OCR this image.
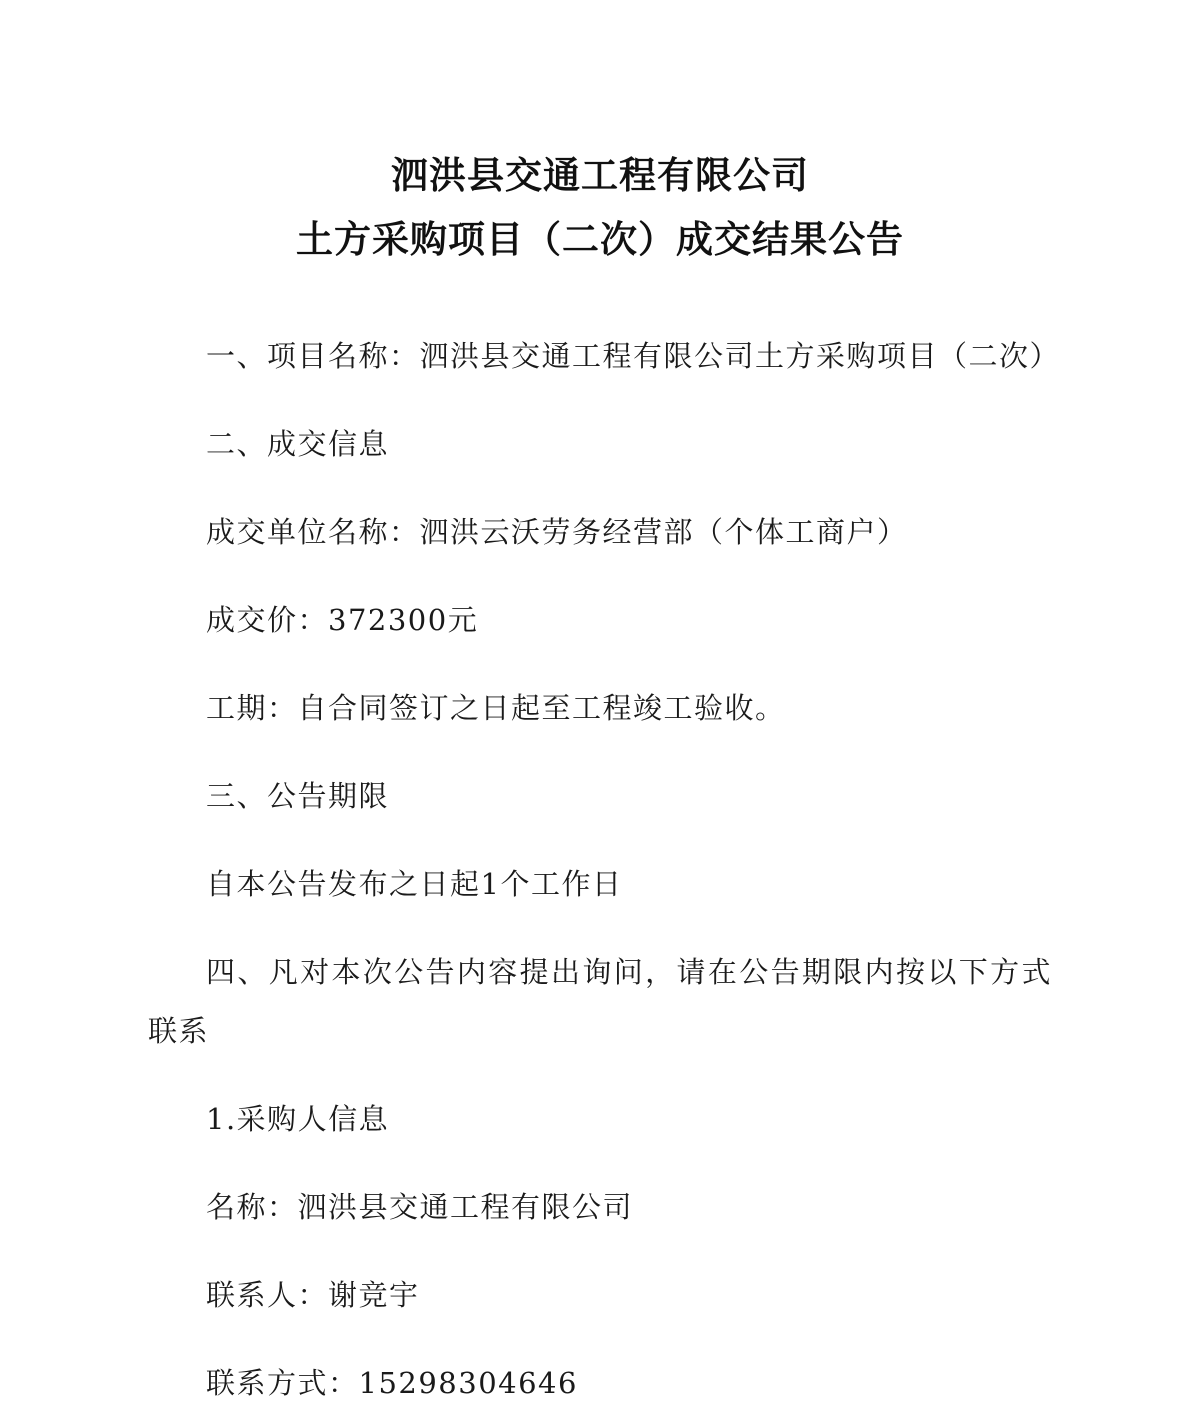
泗洪县交通工程有限公司
土方采购项目（二次）成交结果公告

一、项目名称：泗洪县交通工程有限公司土方采购项目（二次）

二、成交信息

成交单位名称：泗洪云沃劳务经营部（个体工商户）

成交价：372300元

工期：自合同签订之日起至工程竣工验收。

三、公告期限

自本公告发布之日起1个工作日

四、凡对本次公告内容提出询问，请在公告期限内按以下方式联系

1.采购人信息

名称：泗洪县交通工程有限公司

联系人：谢竞宇

联系方式：15298304646
